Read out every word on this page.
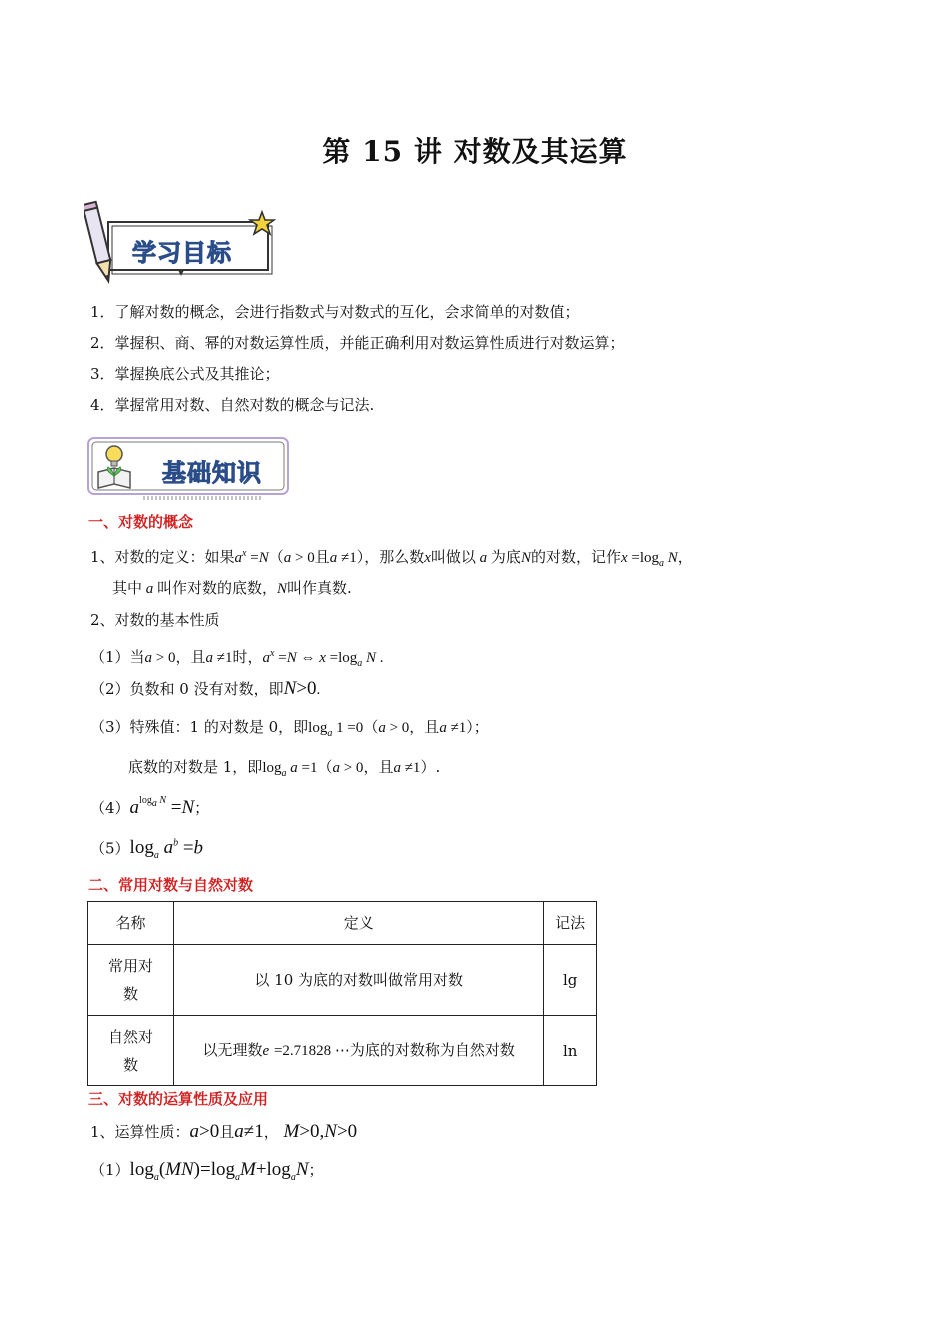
第 15 讲 对数及其运算
学习目标
1．了解对数的概念，会进行指数式与对数式的互化，会求简单的对数值；
2．掌握积、商、幂的对数运算性质，并能正确利用对数运算性质进行对数运算；
3．掌握换底公式及其推论；
4．掌握常用对数、自然对数的概念与记法.
基础知识
一、对数的概念
1、对数的定义：如果$a^x =N(a > 0$且a ≠1），那么数x叫做以 a 为底N的对数，记作$x =\log_a$ N，
其中 a 叫作对数的底数，N叫作真数.
2、对数的基本性质
（1）当a > 0，且a ≠1时，$a^x =N$ ⇔ $x =\log_a$ N .
（2）负数和 0 没有对数，即N>0.
（3）特殊值：1 的对数是 0，即$\log_a 1 =0(a > 0$，且a ≠1）；
底数的对数是 1，即$\log_a a =1(a > 0$，且a ≠1）.
$(4)a^{log_a N} =N$；
$(5)\log_a$ $a^b =b$
二、常用对数与自然对数
名称	定义	记法
常用对
数	以 10 为底的对数叫做常用对数	lg
自然对
数	以无理数e =2.71828 ⋯为底的对数称为自然对数	ln
三、对数的运算性质及应用
1、运算性质：a>0且a≠1， M>0,N>0
$(1)\log_a(MN)=\log_aM+\log_aN$；
